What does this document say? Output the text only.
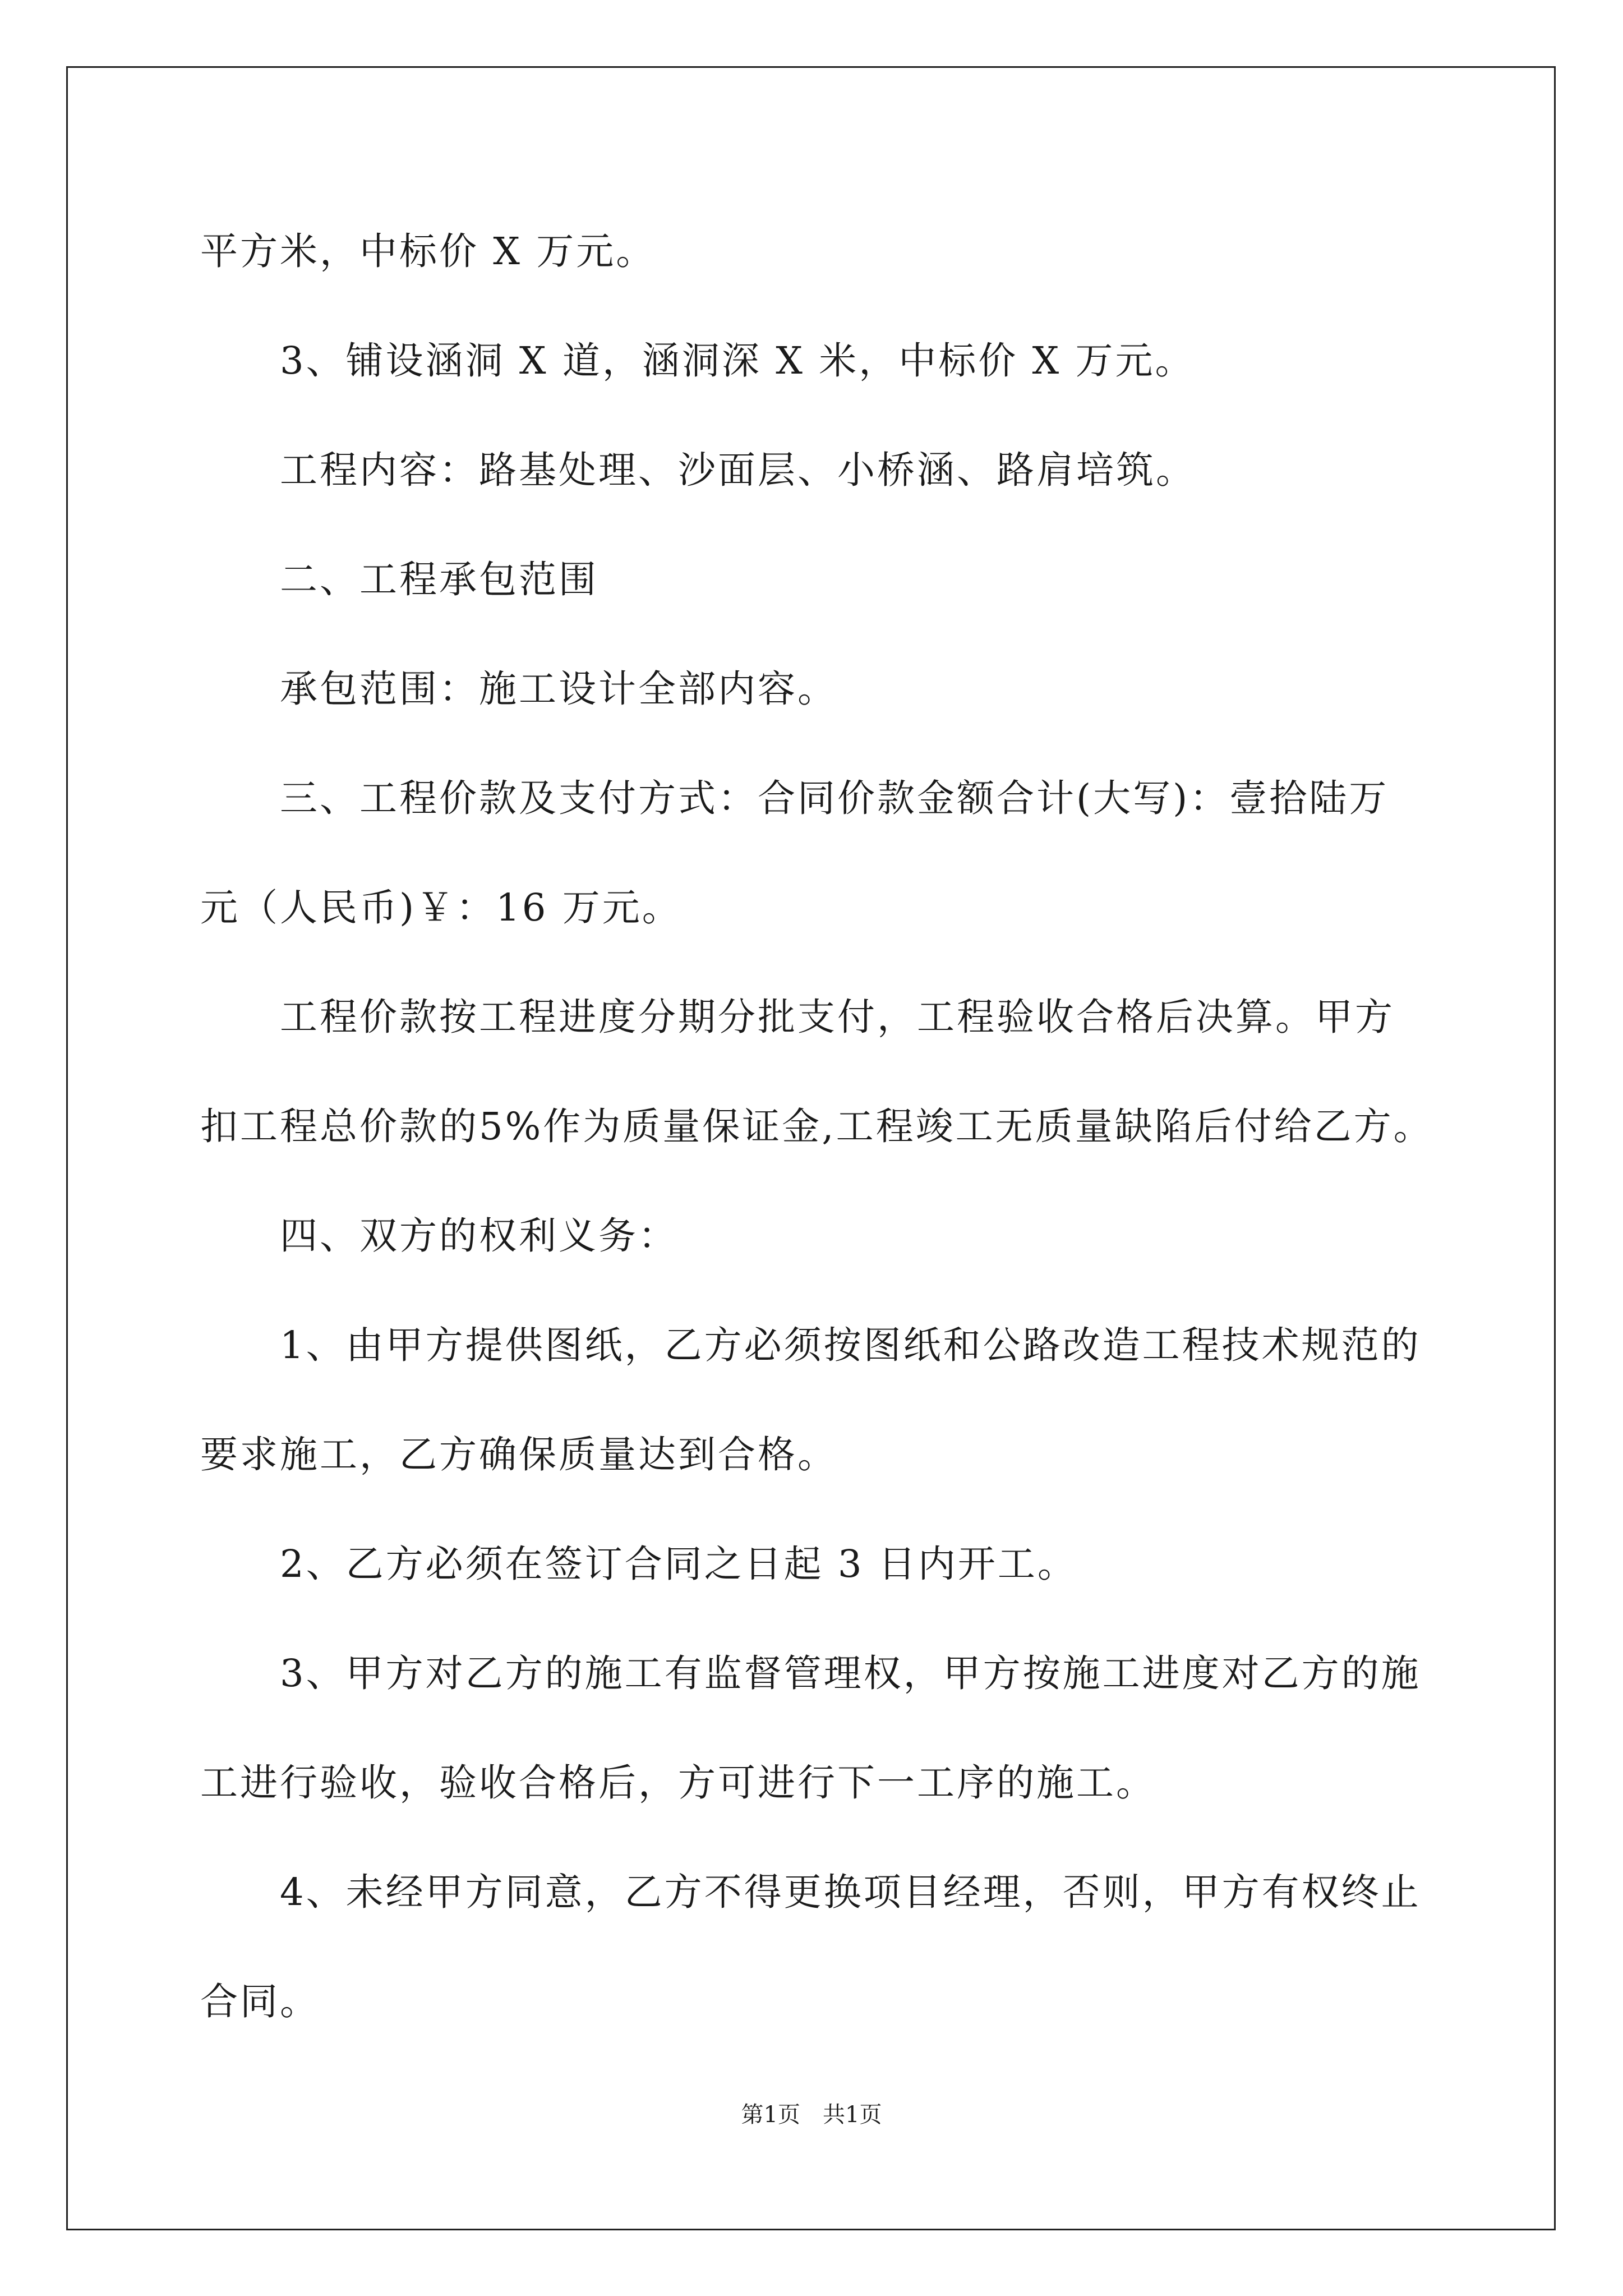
平方米，中标价 X 万元。
　　3、铺设涵洞 X 道，涵洞深 X 米，中标价 X 万元。
　　工程内容：路基处理、沙面层、小桥涵、路肩培筑。
　　二、工程承包范围
　　承包范围：施工设计全部内容。
　　三、工程价款及支付方式：合同价款金额合计(大写)：壹拾陆万
元（人民币)￥：16 万元。
　　工程价款按工程进度分期分批支付，工程验收合格后决算。甲方
扣工程总价款的5%作为质量保证金,工程竣工无质量缺陷后付给乙方。
　　四、双方的权利义务：
　　1、由甲方提供图纸，乙方必须按图纸和公路改造工程技术规范的
要求施工，乙方确保质量达到合格。
　　2、乙方必须在签订合同之日起 3 日内开工。
　　3、甲方对乙方的施工有监督管理权，甲方按施工进度对乙方的施
工进行验收，验收合格后，方可进行下一工序的施工。
　　4、未经甲方同意，乙方不得更换项目经理，否则，甲方有权终止
合同。
第1页　共1页
